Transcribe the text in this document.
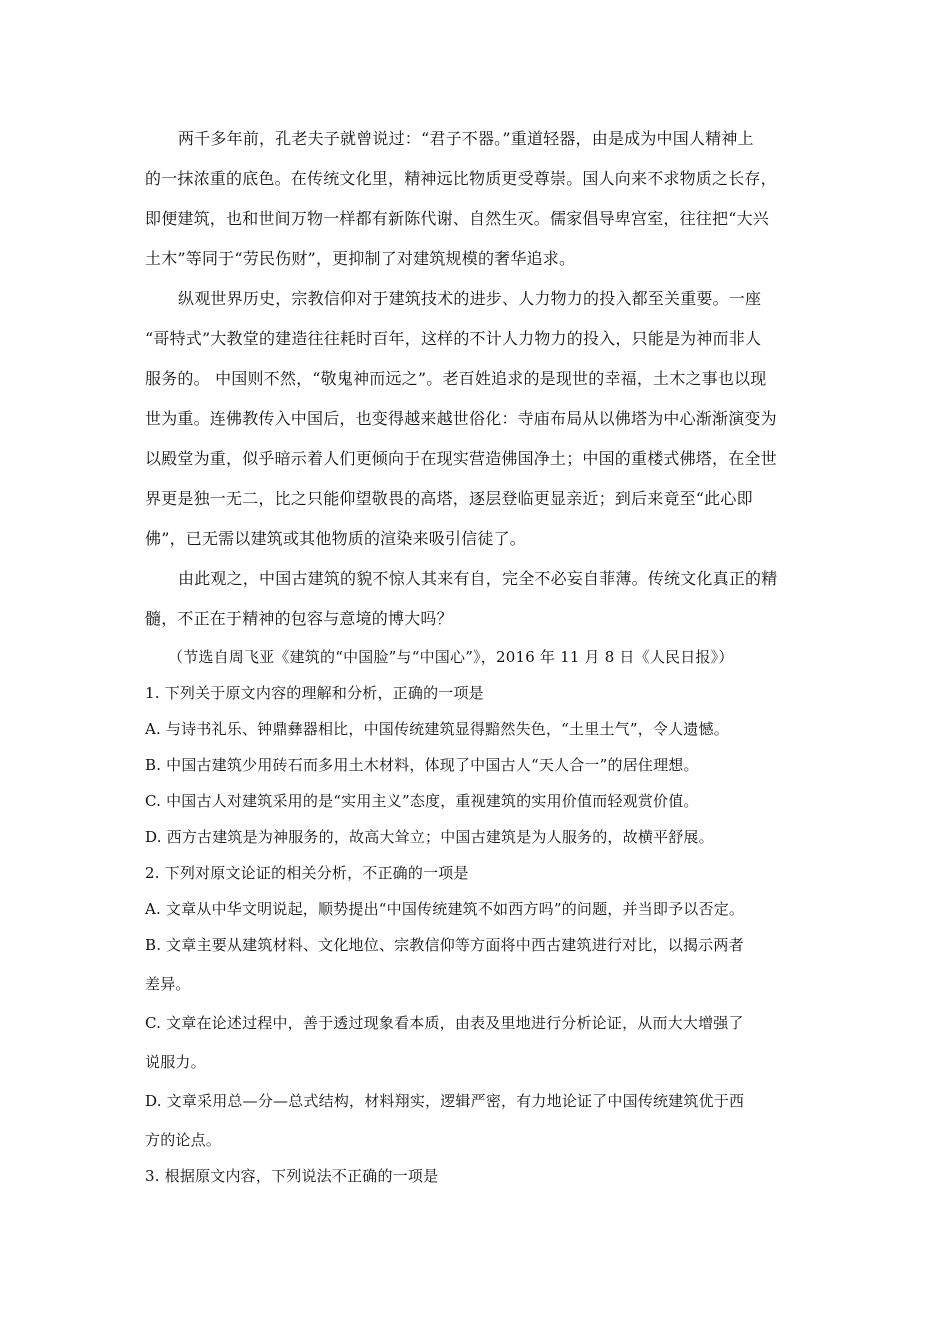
两千多年前，孔老夫子就曾说过：“君子不器。”重道轻器，由是成为中国人精神上
的一抹浓重的底色。在传统文化里，精神远比物质更受尊崇。国人向来不求物质之长存，
即便建筑，也和世间万物一样都有新陈代谢、自然生灭。儒家倡导卑宫室，往往把“大兴
土木”等同于“劳民伤财”，更抑制了对建筑规模的奢华追求。
纵观世界历史，宗教信仰对于建筑技术的进步、人力物力的投入都至关重要。一座
“哥特式”大教堂的建造往往耗时百年，这样的不计人力物力的投入，只能是为神而非人
服务的。 中国则不然，“敬鬼神而远之”。老百姓追求的是现世的幸福，土木之事也以现
世为重。连佛教传入中国后，也变得越来越世俗化：寺庙布局从以佛塔为中心渐渐演变为
以殿堂为重，似乎暗示着人们更倾向于在现实营造佛国净土；中国的重楼式佛塔，在全世
界更是独一无二，比之只能仰望敬畏的高塔，逐层登临更显亲近；到后来竟至“此心即
佛”，已无需以建筑或其他物质的渲染来吸引信徒了。
由此观之，中国古建筑的貌不惊人其来有自，完全不必妄自菲薄。传统文化真正的精
髓，不正在于精神的包容与意境的博大吗？
（节选自周飞亚《建筑的“中国脸”与“中国心”》，2016 年 11 月 8 日《人民日报》）
1. 下列关于原文内容的理解和分析，正确的一项是
A. 与诗书礼乐、钟鼎彝器相比，中国传统建筑显得黯然失色，“土里土气”，令人遗憾。
B. 中国古建筑少用砖石而多用土木材料，体现了中国古人“天人合一”的居住理想。
C. 中国古人对建筑采用的是“实用主义”态度，重视建筑的实用价值而轻观赏价值。
D. 西方古建筑是为神服务的，故高大耸立；中国古建筑是为人服务的，故横平舒展。
2. 下列对原文论证的相关分析，不正确的一项是
A. 文章从中华文明说起，顺势提出“中国传统建筑不如西方吗”的问题，并当即予以否定。
B. 文章主要从建筑材料、文化地位、宗教信仰等方面将中西古建筑进行对比，以揭示两者
差异。
C. 文章在论述过程中，善于透过现象看本质，由表及里地进行分析论证，从而大大增强了
说服力。
D. 文章采用总—分—总式结构，材料翔实，逻辑严密，有力地论证了中国传统建筑优于西
方的论点。
3. 根据原文内容，下列说法不正确的一项是
